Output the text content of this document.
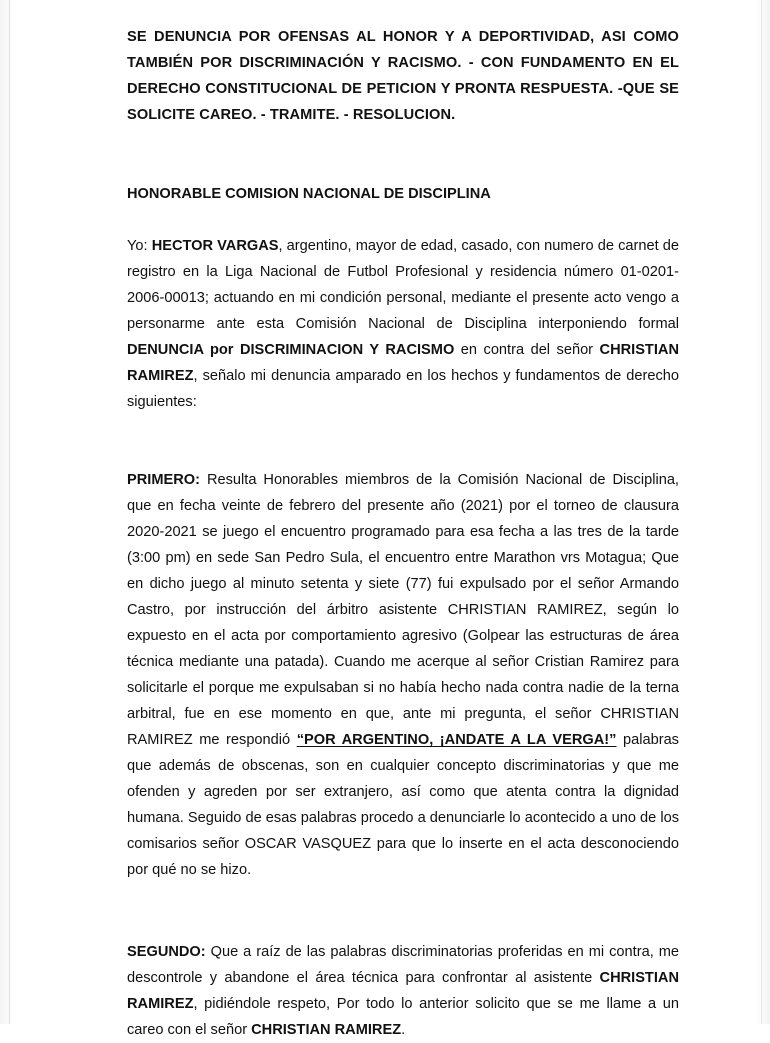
SE DENUNCIA POR OFENSAS AL HONOR Y A DEPORTIVIDAD, ASI COMO TAMBIÉN POR DISCRIMINACIÓN Y RACISMO. - CON FUNDAMENTO EN EL DERECHO CONSTITUCIONAL DE PETICION Y PRONTA RESPUESTA. -QUE SE SOLICITE CAREO. - TRAMITE. - RESOLUCION.
HONORABLE COMISION NACIONAL DE DISCIPLINA
Yo: HECTOR VARGAS, argentino, mayor de edad, casado, con numero de carnet de registro en la Liga Nacional de Futbol Profesional y residencia número 01-0201-2006-00013; actuando en mi condición personal, mediante el presente acto vengo a personarme ante esta Comisión Nacional de Disciplina interponiendo formal DENUNCIA por DISCRIMINACION Y RACISMO en contra del señor CHRISTIAN RAMIREZ, señalo mi denuncia amparado en los hechos y fundamentos de derecho siguientes:
PRIMERO: Resulta Honorables miembros de la Comisión Nacional de Disciplina, que en fecha veinte de febrero del presente año (2021) por el torneo de clausura 2020-2021 se juego el encuentro programado para esa fecha a las tres de la tarde (3:00 pm) en sede San Pedro Sula, el encuentro entre Marathon vrs Motagua; Que en dicho juego al minuto setenta y siete (77) fui expulsado por el señor Armando Castro, por instrucción del árbitro asistente CHRISTIAN RAMIREZ, según lo expuesto en el acta por comportamiento agresivo (Golpear las estructuras de área técnica mediante una patada). Cuando me acerque al señor Cristian Ramirez para solicitarle el porque me expulsaban si no había hecho nada contra nadie de la terna arbitral, fue en ese momento en que, ante mi pregunta, el señor CHRISTIAN RAMIREZ me respondió “POR ARGENTINO, ¡ANDATE A LA VERGA!” palabras que además de obscenas, son en cualquier concepto discriminatorias y que me ofenden y agreden por ser extranjero, así como que atenta contra la dignidad humana. Seguido de esas palabras procedo a denunciarle lo acontecido a uno de los comisarios señor OSCAR VASQUEZ para que lo inserte en el acta desconociendo por qué no se hizo.
SEGUNDO: Que a raíz de las palabras discriminatorias proferidas en mi contra, me descontrole y abandone el área técnica para confrontar al asistente CHRISTIAN RAMIREZ, pidiéndole respeto, Por todo lo anterior solicito que se me llame a un careo con el señor CHRISTIAN RAMIREZ.
